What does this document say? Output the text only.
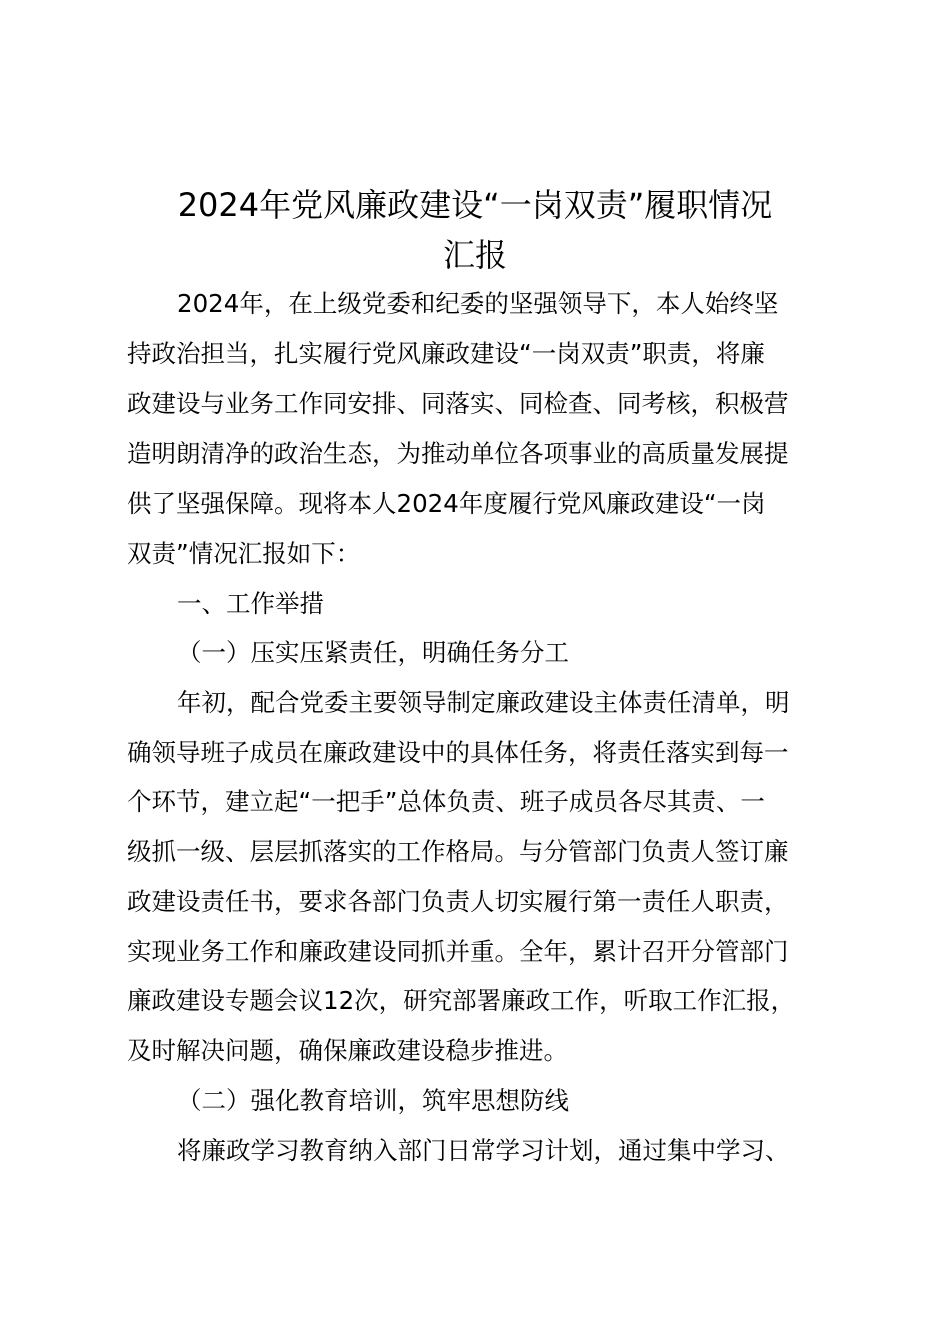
2024年党风廉政建设“一岗双责”履职情况
汇报
2024年，在上级党委和纪委的坚强领导下，本人始终坚
持政治担当，扎实履行党风廉政建设“一岗双责”职责，将廉
政建设与业务工作同安排、同落实、同检查、同考核，积极营
造明朗清净的政治生态，为推动单位各项事业的高质量发展提
供了坚强保障。现将本人2024年度履行党风廉政建设“一岗
双责”情况汇报如下：
一、工作举措
（一）压实压紧责任，明确任务分工
年初，配合党委主要领导制定廉政建设主体责任清单，明
确领导班子成员在廉政建设中的具体任务，将责任落实到每一
个环节，建立起“一把手”总体负责、班子成员各尽其责、一
级抓一级、层层抓落实的工作格局。与分管部门负责人签订廉
政建设责任书，要求各部门负责人切实履行第一责任人职责，
实现业务工作和廉政建设同抓并重。全年，累计召开分管部门
廉政建设专题会议12次，研究部署廉政工作，听取工作汇报，
及时解决问题，确保廉政建设稳步推进。
（二）强化教育培训，筑牢思想防线
将廉政学习教育纳入部门日常学习计划，通过集中学习、
